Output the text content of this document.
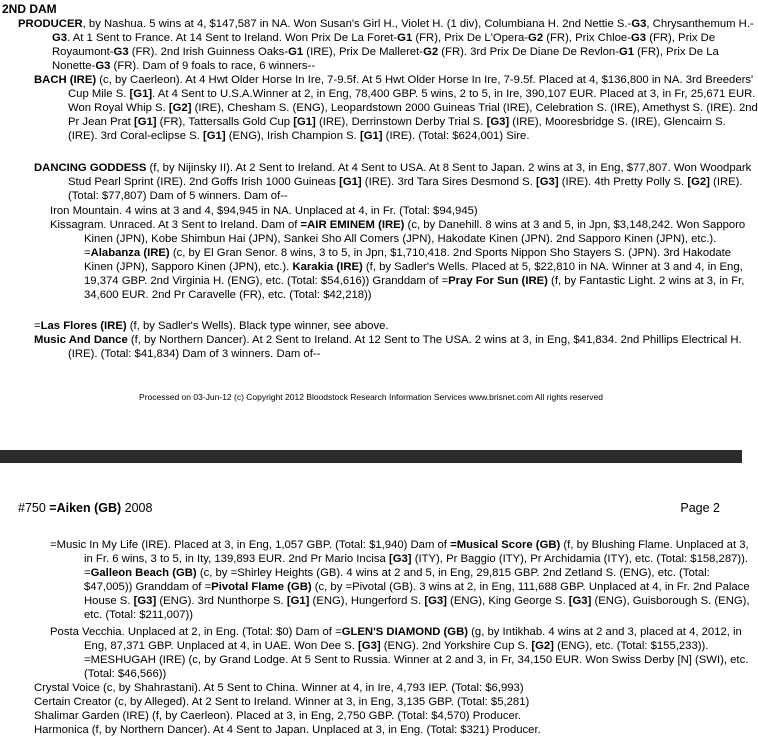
2ND DAM

PRODUCER, by Nashua. 5 wins at 4, $147,587 in NA. Won Susan's Girl H., Violet H. (1 div), Columbiana H. 2nd Nettie S.-G3, Chrysanthemum H.-G3. At 1 Sent to France. At 14 Sent to Ireland. Won Prix De La Foret-G1 (FR), Prix De L'Opera-G2 (FR), Prix Chloe-G3 (FR), Prix De Royaumont-G3 (FR). 2nd Irish Guinness Oaks-G1 (IRE), Prix De Malleret-G2 (FR). 3rd Prix De Diane De Revlon-G1 (FR), Prix De La Nonette-G3 (FR). Dam of 9 foals to race, 6 winners--
BACH (IRE) (c, by Caerleon). At 4 Hwt Older Horse In Ire, 7-9.5f. At 5 Hwt Older Horse In Ire, 7-9.5f. Placed at 4, $136,800 in NA. 3rd Breeders' Cup Mile S. [G1]. At 4 Sent to U.S.A.Winner at 2, in Eng, 78,400 GBP. 5 wins, 2 to 5, in Ire, 390,107 EUR. Placed at 3, in Fr, 25,671 EUR. Won Royal Whip S. [G2] (IRE), Chesham S. (ENG), Leopardstown 2000 Guineas Trial (IRE), Celebration S. (IRE), Amethyst S. (IRE). 2nd Pr Jean Prat [G1] (FR), Tattersalls Gold Cup [G1] (IRE), Derrinstown Derby Trial S. [G3] (IRE), Mooresbridge S. (IRE), Glencairn S. (IRE). 3rd Coral-eclipse S. [G1] (ENG), Irish Champion S. [G1] (IRE). (Total: $624,001) Sire.
DANCING GODDESS (f, by Nijinsky II). At 2 Sent to Ireland. At 4 Sent to USA. At 8 Sent to Japan. 2 wins at 3, in Eng, $77,807. Won Woodpark Stud Pearl Sprint (IRE). 2nd Goffs Irish 1000 Guineas [G1] (IRE). 3rd Tara Sires Desmond S. [G3] (IRE). 4th Pretty Polly S. [G2] (IRE). (Total: $77,807) Dam of 5 winners. Dam of--
Iron Mountain. 4 wins at 3 and 4, $94,945 in NA. Unplaced at 4, in Fr. (Total: $94,945)
Kissagram. Unraced. At 3 Sent to Ireland. Dam of =AIR EMINEM (IRE) (c, by Danehill. 8 wins at 3 and 5, in Jpn, $3,148,242. Won Sapporo Kinen (JPN), Kobe Shimbun Hai (JPN), Sankei Sho All Comers (JPN), Hakodate Kinen (JPN). 2nd Sapporo Kinen (JPN), etc.). =Alabanza (IRE) (c, by El Gran Senor. 8 wins, 3 to 5, in Jpn, $1,710,418. 2nd Sports Nippon Sho Stayers S. (JPN). 3rd Hakodate Kinen (JPN), Sapporo Kinen (JPN), etc.). Karakia (IRE) (f, by Sadler's Wells. Placed at 5, $22,810 in NA. Winner at 3 and 4, in Eng, 19,374 GBP. 2nd Virginia H. (ENG), etc. (Total: $54,616)) Granddam of =Pray For Sun (IRE) (f, by Fantastic Light. 2 wins at 3, in Fr, 34,600 EUR. 2nd Pr Caravelle (FR), etc. (Total: $42,218))
=Las Flores (IRE) (f, by Sadler's Wells). Black type winner, see above.
Music And Dance (f, by Northern Dancer). At 2 Sent to Ireland. At 12 Sent to The USA. 2 wins at 3, in Eng, $41,834. 2nd Phillips Electrical H. (IRE). (Total: $41,834) Dam of 3 winners. Dam of--
Processed on 03-Jun-12 (c) Copyright 2012 Bloodstock Research Information Services www.brisnet.com All rights reserved
#750 =Aiken (GB) 2008	Page 2
=Music In My Life (IRE). Placed at 3, in Eng, 1,057 GBP. (Total: $1,940) Dam of =Musical Score (GB) (f, by Blushing Flame. Unplaced at 3, in Fr. 6 wins, 3 to 5, in Ity, 139,893 EUR. 2nd Pr Mario Incisa [G3] (ITY), Pr Baggio (ITY), Pr Archidamia (ITY), etc. (Total: $158,287)). =Galleon Beach (GB) (c, by =Shirley Heights (GB). 4 wins at 2 and 5, in Eng, 29,815 GBP. 2nd Zetland S. (ENG), etc. (Total: $47,005)) Granddam of =Pivotal Flame (GB) (c, by =Pivotal (GB). 3 wins at 2, in Eng, 111,688 GBP. Unplaced at 4, in Fr. 2nd Palace House S. [G3] (ENG). 3rd Nunthorpe S. [G1] (ENG), Hungerford S. [G3] (ENG), King George S. [G3] (ENG), Guisborough S. (ENG), etc. (Total: $211,007))
Posta Vecchia. Unplaced at 2, in Eng. (Total: $0) Dam of =GLEN'S DIAMOND (GB) (g, by Intikhab. 4 wins at 2 and 3, placed at 4, 2012, in Eng, 87,371 GBP. Unplaced at 4, in UAE. Won Dee S. [G3] (ENG). 2nd Yorkshire Cup S. [G2] (ENG), etc. (Total: $155,233)). =MESHUGAH (IRE) (c, by Grand Lodge. At 5 Sent to Russia. Winner at 2 and 3, in Fr, 34,150 EUR. Won Swiss Derby [N] (SWI), etc. (Total: $46,566))
Crystal Voice (c, by Shahrastani). At 5 Sent to China. Winner at 4, in Ire, 4,793 IEP. (Total: $6,993)
Certain Creator (c, by Alleged). At 2 Sent to Ireland. Winner at 3, in Eng, 3,135 GBP. (Total: $5,281)
Shalimar Garden (IRE) (f, by Caerleon). Placed at 3, in Eng, 2,750 GBP. (Total: $4,570) Producer.
Harmonica (f, by Northern Dancer). At 4 Sent to Japan. Unplaced at 3, in Eng. (Total: $321) Producer.
